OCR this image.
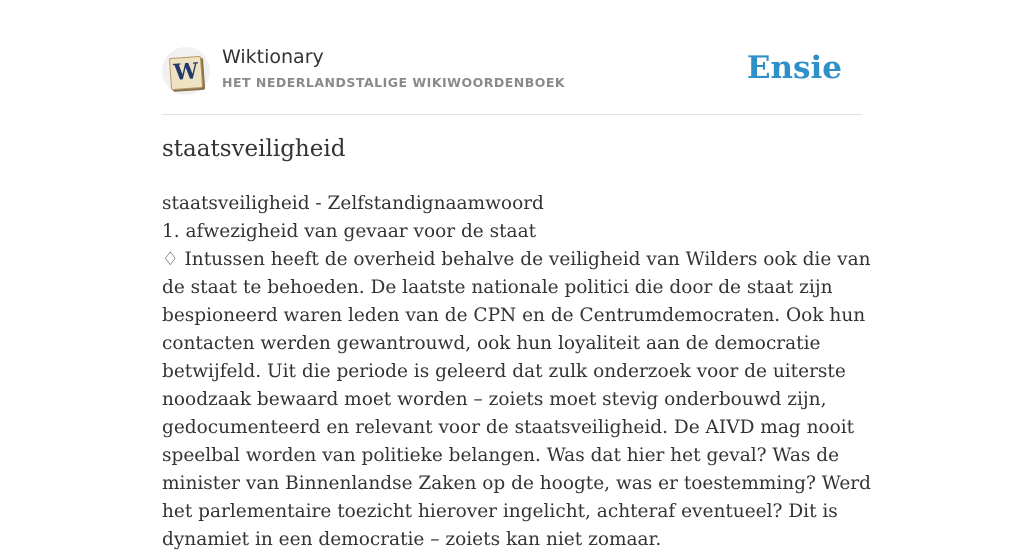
W
Wiktionary
HET NEDERLANDSTALIGE WIKIWOORDENBOEK	Ensie
staatsveiligheid

staatsveiligheid - Zelfstandignaamwoord

1. afwezigheid van gevaar voor de staat

♢ Intussen heeft de overheid behalve de veiligheid van Wilders ook die van de staat te behoeden. De laatste nationale politici die door de staat zijn bespioneerd waren leden van de CPN en de Centrumdemocraten. Ook hun contacten werden gewantrouwd, ook hun loyaliteit aan de democratie betwijfeld. Uit die periode is geleerd dat zulk onderzoek voor de uiterste noodzaak bewaard moet worden – zoiets moet stevig onderbouwd zijn, gedocumenteerd en relevant voor de staatsveiligheid. De AIVD mag nooit speelbal worden van politieke belangen. Was dat hier het geval? Was de minister van Binnenlandse Zaken op de hoogte, was er toestemming? Werd het parlementaire toezicht hierover ingelicht, achteraf eventueel? Dit is dynamiet in een democratie – zoiets kan niet zomaar.
